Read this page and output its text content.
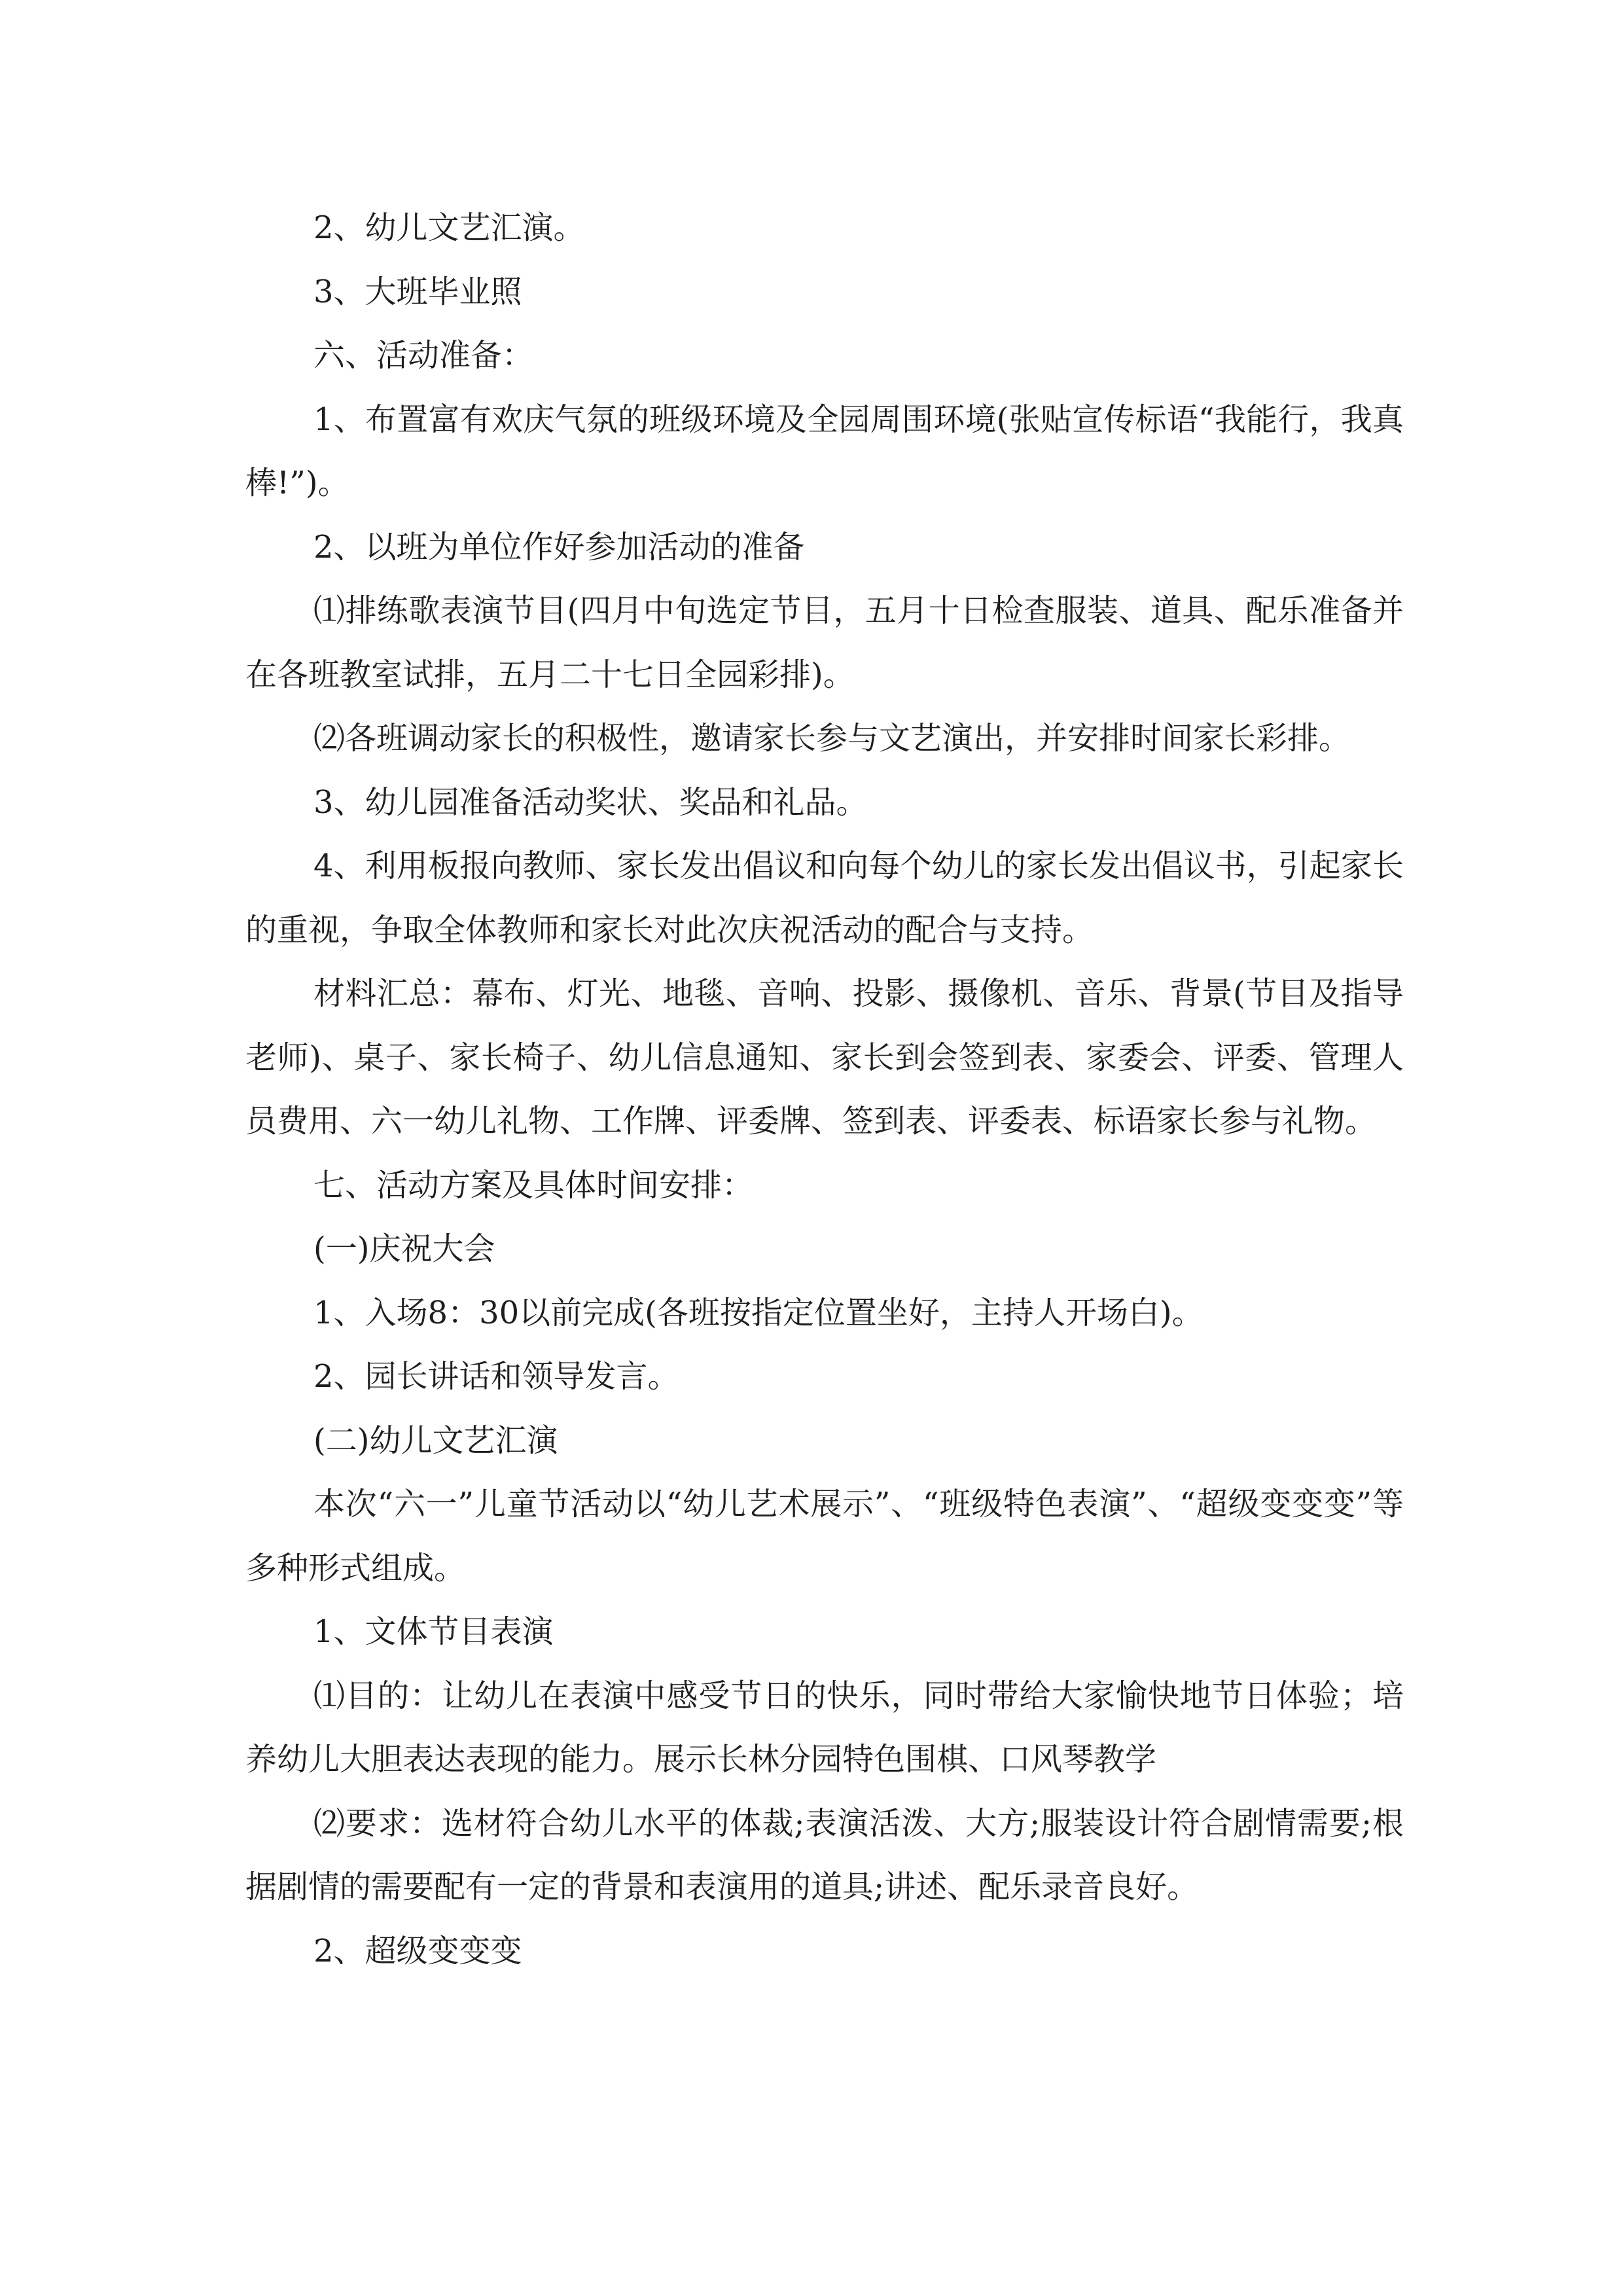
2、幼儿文艺汇演。

3、大班毕业照

六、活动准备：

1、布置富有欢庆气氛的班级环境及全园周围环境(张贴宣传标语“我能行，我真棒!”)。

2、以班为单位作好参加活动的准备

⑴排练歌表演节目(四月中旬选定节目，五月十日检查服装、道具、配乐准备并在各班教室试排，五月二十七日全园彩排)。

⑵各班调动家长的积极性，邀请家长参与文艺演出，并安排时间家长彩排。

3、幼儿园准备活动奖状、奖品和礼品。

4、利用板报向教师、家长发出倡议和向每个幼儿的家长发出倡议书，引起家长的重视，争取全体教师和家长对此次庆祝活动的配合与支持。

材料汇总：幕布、灯光、地毯、音响、投影、摄像机、音乐、背景(节目及指导老师)、桌子、家长椅子、幼儿信息通知、家长到会签到表、家委会、评委、管理人员费用、六一幼儿礼物、工作牌、评委牌、签到表、评委表、标语家长参与礼物。

七、活动方案及具体时间安排：

(一)庆祝大会

1、入场8：30以前完成(各班按指定位置坐好，主持人开场白)。

2、园长讲话和领导发言。

(二)幼儿文艺汇演

本次“六一”儿童节活动以“幼儿艺术展示”、“班级特色表演”、“超级变变变”等多种形式组成。

1、文体节目表演

⑴目的：让幼儿在表演中感受节日的快乐，同时带给大家愉快地节日体验；培养幼儿大胆表达表现的能力。展示长林分园特色围棋、口风琴教学

⑵要求：选材符合幼儿水平的体裁;表演活泼、大方;服装设计符合剧情需要;根据剧情的需要配有一定的背景和表演用的道具;讲述、配乐录音良好。

2、超级变变变
